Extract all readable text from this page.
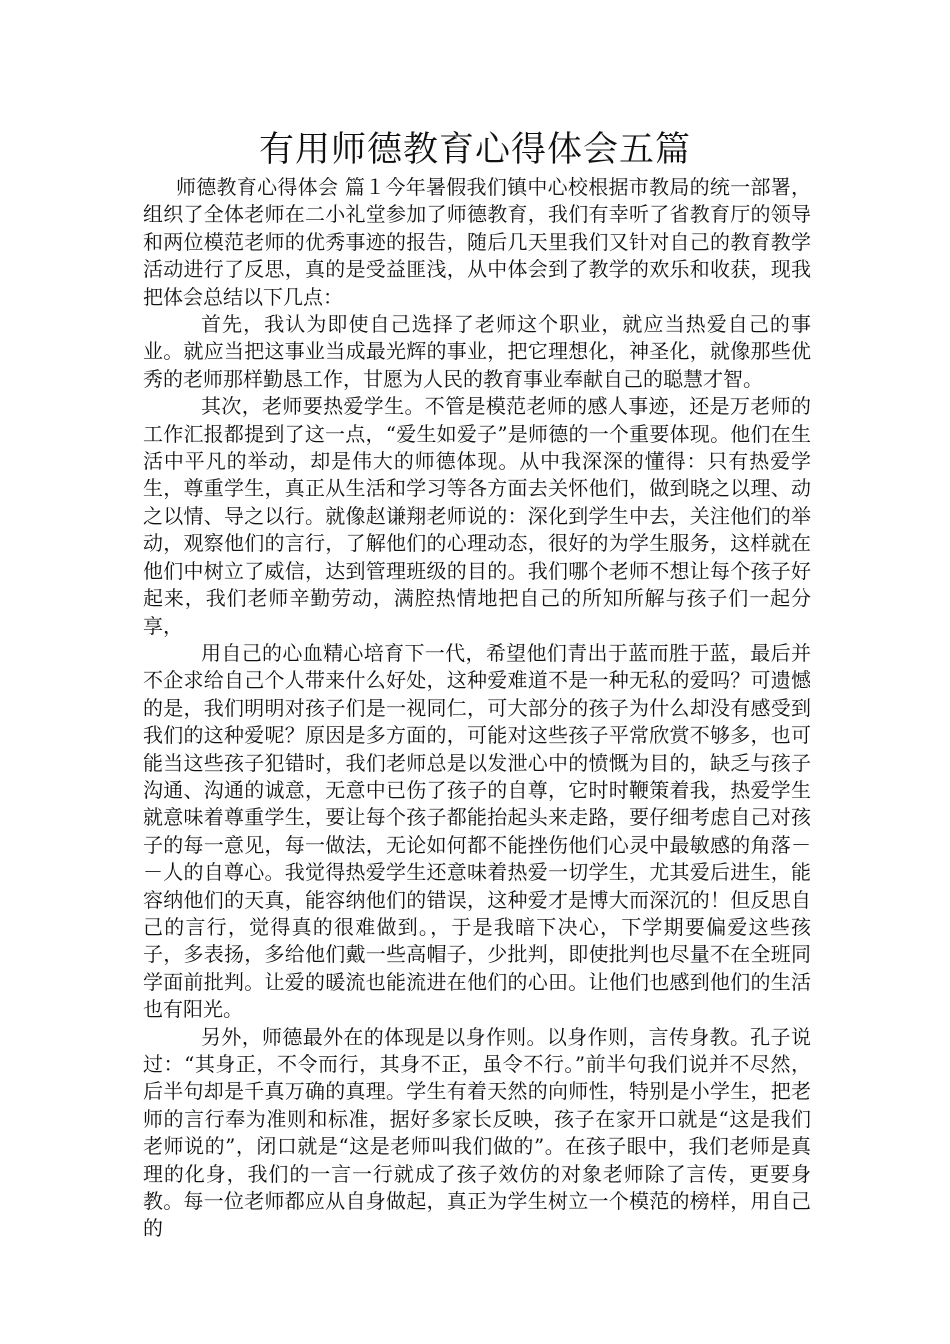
有用师德教育心得体会五篇

师德教育心得体会 篇１今年暑假我们镇中心校根据市教局的统一部署，组织了全体老师在二小礼堂参加了师德教育，我们有幸听了省教育厅的领导和两位模范老师的优秀事迹的报告，随后几天里我们又针对自己的教育教学活动进行了反思，真的是受益匪浅，从中体会到了教学的欢乐和收获，现我把体会总结以下几点：

首先，我认为即使自己选择了老师这个职业，就应当热爱自己的事业。就应当把这事业当成最光辉的事业，把它理想化，神圣化，就像那些优秀的老师那样勤恳工作，甘愿为人民的教育事业奉献自己的聪慧才智。

其次，老师要热爱学生。不管是模范老师的感人事迹，还是万老师的工作汇报都提到了这一点，“爱生如爱子”是师德的一个重要体现。他们在生活中平凡的举动，却是伟大的师德体现。从中我深深的懂得：只有热爱学生，尊重学生，真正从生活和学习等各方面去关怀他们，做到晓之以理、动之以情、导之以行。就像赵谦翔老师说的：深化到学生中去，关注他们的举动，观察他们的言行，了解他们的心理动态，很好的为学生服务，这样就在他们中树立了威信，达到管理班级的目的。我们哪个老师不想让每个孩子好起来，我们老师辛勤劳动，满腔热情地把自己的所知所解与孩子们一起分享，

用自己的心血精心培育下一代，希望他们青出于蓝而胜于蓝，最后并不企求给自己个人带来什么好处，这种爱难道不是一种无私的爱吗？可遗憾的是，我们明明对孩子们是一视同仁，可大部分的孩子为什么却没有感受到我们的这种爱呢？原因是多方面的，可能对这些孩子平常欣赏不够多，也可能当这些孩子犯错时，我们老师总是以发泄心中的愤慨为目的，缺乏与孩子沟通、沟通的诚意，无意中已伤了孩子的自尊，它时时鞭策着我，热爱学生就意味着尊重学生，要让每个孩子都能抬起头来走路，要仔细考虑自己对孩子的每一意见，每一做法，无论如何都不能挫伤他们心灵中最敏感的角落－－人的自尊心。我觉得热爱学生还意味着热爱一切学生，尤其爱后进生，能容纳他们的天真，能容纳他们的错误，这种爱才是博大而深沉的！但反思自己的言行，觉得真的很难做到。，于是我暗下决心，下学期要偏爱这些孩子，多表扬，多给他们戴一些高帽子，少批判，即使批判也尽量不在全班同学面前批判。让爱的暖流也能流进在他们的心田。让他们也感到他们的生活也有阳光。

另外，师德最外在的体现是以身作则。以身作则，言传身教。孔子说过：“其身正，不令而行，其身不正，虽令不行。”前半句我们说并不尽然，后半句却是千真万确的真理。学生有着天然的向师性，特别是小学生，把老师的言行奉为准则和标准，据好多家长反映，孩子在家开口就是“这是我们老师说的”，闭口就是“这是老师叫我们做的”。在孩子眼中，我们老师是真理的化身，我们的一言一行就成了孩子效仿的对象老师除了言传，更要身教。每一位老师都应从自身做起，真正为学生树立一个模范的榜样，用自己的
